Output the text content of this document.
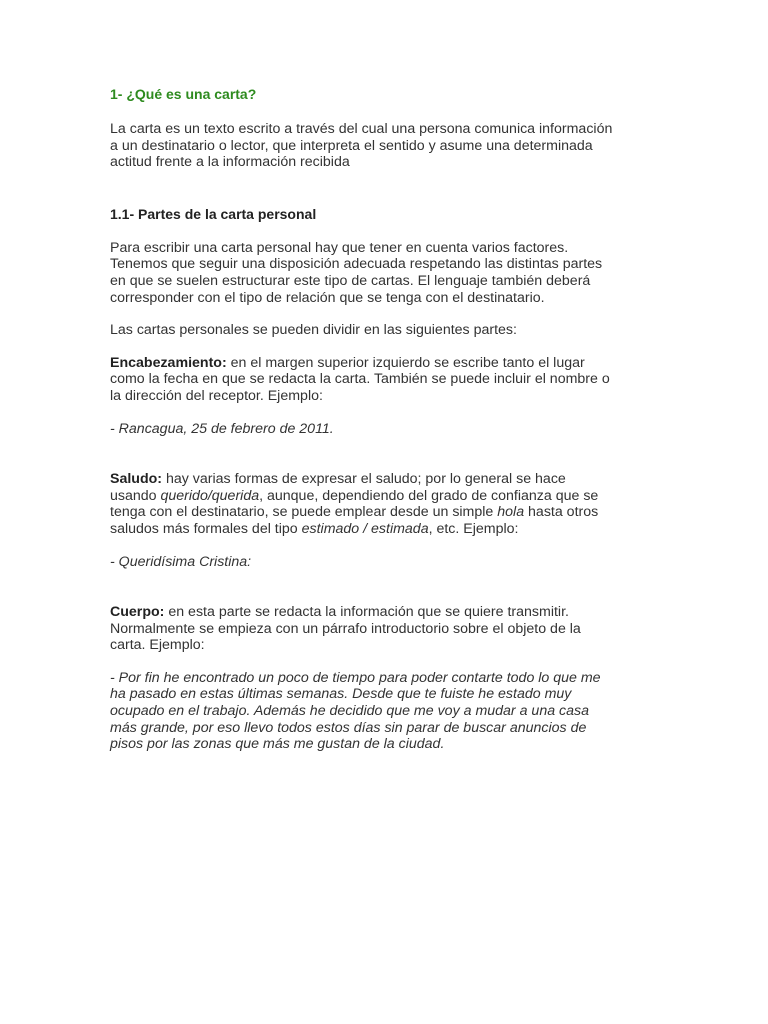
1- ¿Qué es una carta?

La carta es un texto escrito a través del cual una persona comunica información

a un destinatario o lector, que interpreta el sentido y asume una determinada

actitud frente a la información recibida

1.1- Partes de la carta personal

Para escribir una carta personal hay que tener en cuenta varios factores.

Tenemos que seguir una disposición adecuada respetando las distintas partes

en que se suelen estructurar este tipo de cartas. El lenguaje también deberá

corresponder con el tipo de relación que se tenga con el destinatario.

Las cartas personales se pueden dividir en las siguientes partes:

Encabezamiento: en el margen superior izquierdo se escribe tanto el lugar

como la fecha en que se redacta la carta. También se puede incluir el nombre o

la dirección del receptor. Ejemplo:

- Rancagua, 25 de febrero de 2011.

Saludo: hay varias formas de expresar el saludo; por lo general se hace

usando querido/querida, aunque, dependiendo del grado de confianza que se

tenga con el destinatario, se puede emplear desde un simple hola hasta otros

saludos más formales del tipo estimado / estimada, etc. Ejemplo:

- Queridísima Cristina:

Cuerpo: en esta parte se redacta la información que se quiere transmitir.

Normalmente se empieza con un párrafo introductorio sobre el objeto de la

carta. Ejemplo:

- Por fin he encontrado un poco de tiempo para poder contarte todo lo que me

ha pasado en estas últimas semanas. Desde que te fuiste he estado muy

ocupado en el trabajo. Además he decidido que me voy a mudar a una casa

más grande, por eso llevo todos estos días sin parar de buscar anuncios de

pisos por las zonas que más me gustan de la ciudad.
